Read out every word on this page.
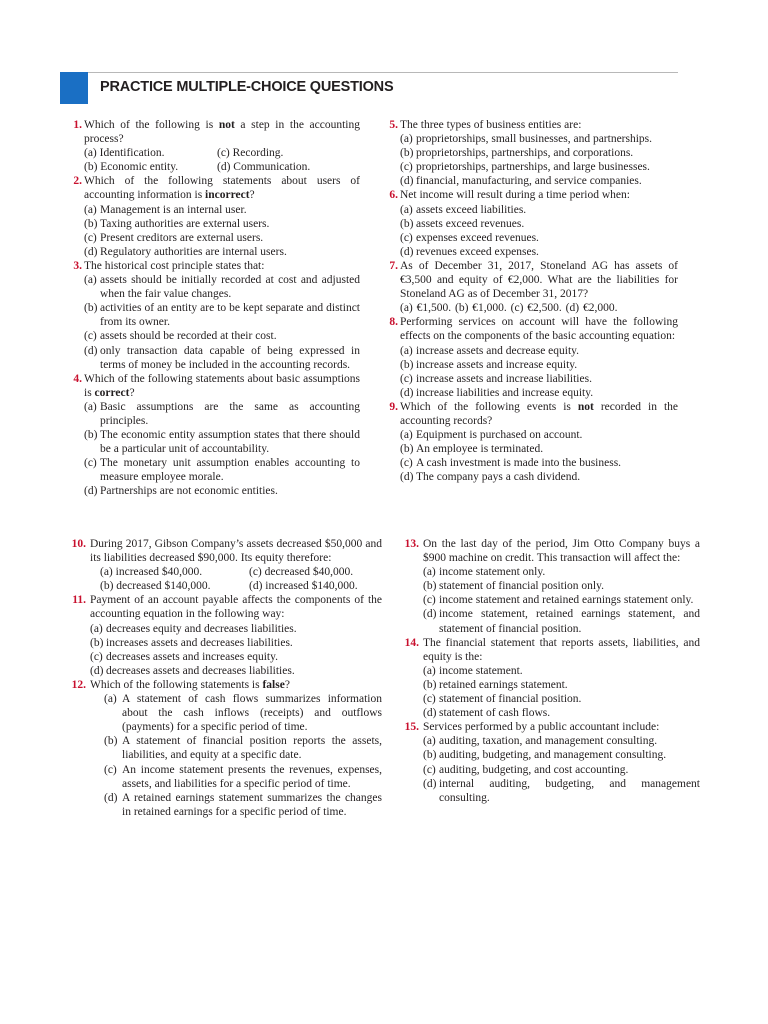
PRACTICE MULTIPLE-CHOICE QUESTIONS
1. Which of the following is not a step in the accounting process?
(a) Identification.	(c) Recording.
(b) Economic entity.	(d) Communication.
2. Which of the following statements about users of accounting information is incorrect?
(a) Management is an internal user.
(b) Taxing authorities are external users.
(c) Present creditors are external users.
(d) Regulatory authorities are internal users.
3. The historical cost principle states that:
(a) assets should be initially recorded at cost and adjusted when the fair value changes.
(b) activities of an entity are to be kept separate and distinct from its owner.
(c) assets should be recorded at their cost.
(d) only transaction data capable of being expressed in terms of money be included in the accounting records.
4. Which of the following statements about basic assumptions is correct?
(a) Basic assumptions are the same as accounting principles.
(b) The economic entity assumption states that there should be a particular unit of accountability.
(c) The monetary unit assumption enables accounting to measure employee morale.
(d) Partnerships are not economic entities.
5. The three types of business entities are:
(a) proprietorships, small businesses, and partnerships.
(b) proprietorships, partnerships, and corporations.
(c) proprietorships, partnerships, and large businesses.
(d) financial, manufacturing, and service companies.
6. Net income will result during a time period when:
(a) assets exceed liabilities.
(b) assets exceed revenues.
(c) expenses exceed revenues.
(d) revenues exceed expenses.
7. As of December 31, 2017, Stoneland AG has assets of €3,500 and equity of €2,000. What are the liabilities for Stoneland AG as of December 31, 2017?
(a) €1,500. (b) €1,000. (c) €2,500. (d) €2,000.
8. Performing services on account will have the following effects on the components of the basic accounting equation:
(a) increase assets and decrease equity.
(b) increase assets and increase equity.
(c) increase assets and increase liabilities.
(d) increase liabilities and increase equity.
9. Which of the following events is not recorded in the accounting records?
(a) Equipment is purchased on account.
(b) An employee is terminated.
(c) A cash investment is made into the business.
(d) The company pays a cash dividend.
10. During 2017, Gibson Company’s assets decreased $50,000 and its liabilities decreased $90,000. Its equity therefore:
(a) increased $40,000.	(c) decreased $40,000.
(b) decreased $140,000.	(d) increased $140,000.
11. Payment of an account payable affects the components of the accounting equation in the following way:
(a) decreases equity and decreases liabilities.
(b) increases assets and decreases liabilities.
(c) decreases assets and increases equity.
(d) decreases assets and decreases liabilities.
12. Which of the following statements is false?
(a) A statement of cash flows summarizes information about the cash inflows (receipts) and outflows (payments) for a specific period of time.
(b) A statement of financial position reports the assets, liabilities, and equity at a specific date.
(c) An income statement presents the revenues, expenses, assets, and liabilities for a specific period of time.
(d) A retained earnings statement summarizes the changes in retained earnings for a specific period of time.
13. On the last day of the period, Jim Otto Company buys a $900 machine on credit. This transaction will affect the:
(a) income statement only.
(b) statement of financial position only.
(c) income statement and retained earnings statement only.
(d) income statement, retained earnings statement, and statement of financial position.
14. The financial statement that reports assets, liabilities, and equity is the:
(a) income statement.
(b) retained earnings statement.
(c) statement of financial position.
(d) statement of cash flows.
15. Services performed by a public accountant include:
(a) auditing, taxation, and management consulting.
(b) auditing, budgeting, and management consulting.
(c) auditing, budgeting, and cost accounting.
(d) internal auditing, budgeting, and management consulting.
